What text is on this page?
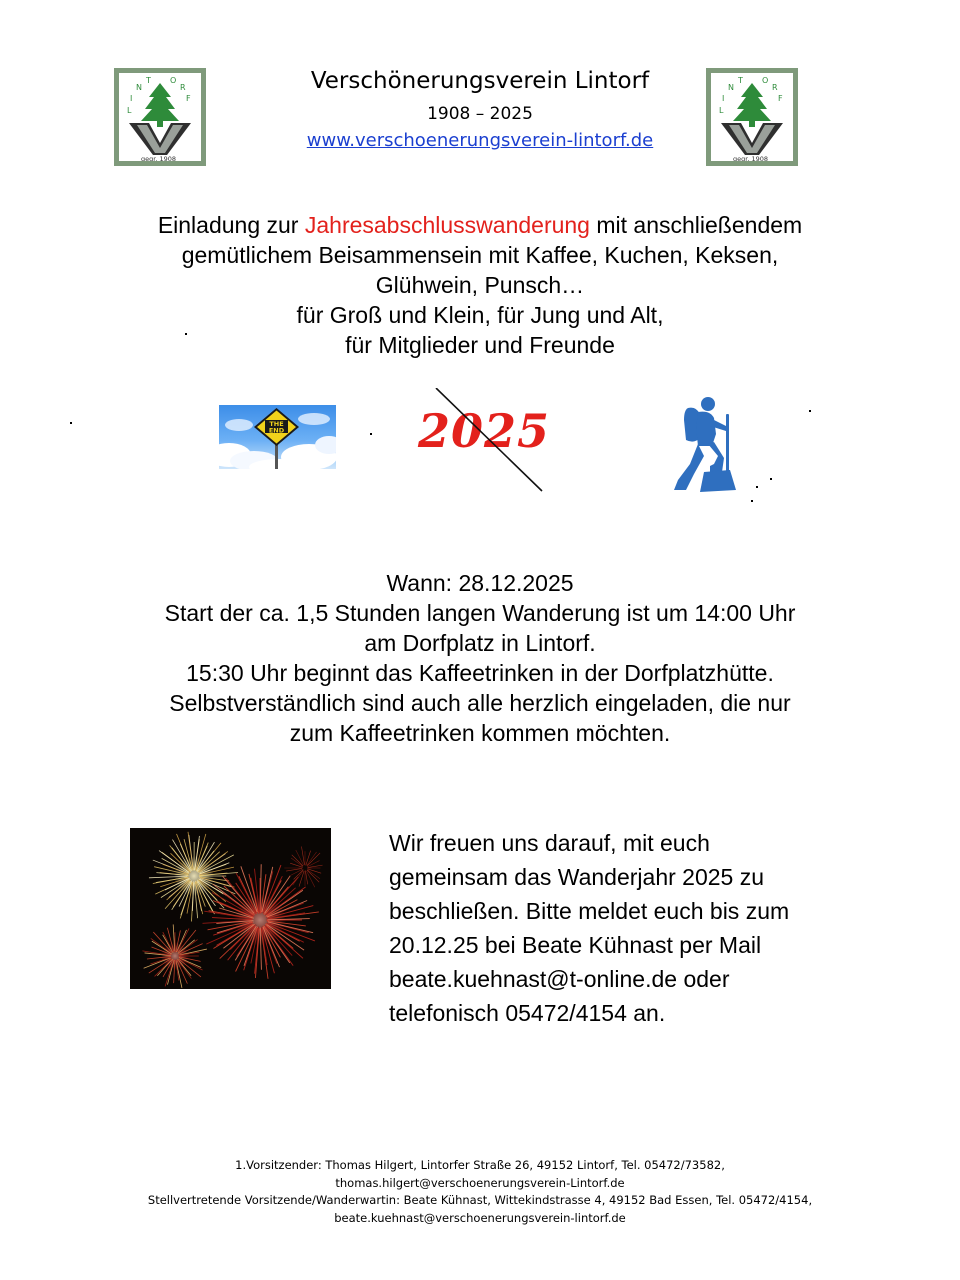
L
I
N
T O
R
F
gegr. 1908
L
I
N
T O
R
F
gegr. 1908
Verschönerungsverein Lintorf
1908 – 2025
www.verschoenerungsverein-lintorf.de
Einladung zur Jahresabschlusswanderung mit anschließendem
gemütlichem Beisammensein mit Kaffee, Kuchen, Keksen,
Glühwein, Punsch…
für Groß und Klein, für Jung und Alt,
für Mitglieder und Freunde
THE
END	2025
Wann: 28.12.2025
Start der ca. 1,5 Stunden langen Wanderung ist um 14:00 Uhr
am Dorfplatz in Lintorf.
15:30 Uhr beginnt das Kaffeetrinken in der Dorfplatzhütte.
Selbstverständlich sind auch alle herzlich eingeladen, die nur
zum Kaffeetrinken kommen möchten.
Wir freuen uns darauf, mit euch
gemeinsam das Wanderjahr 2025 zu
beschließen. Bitte meldet euch bis zum
20.12.25 bei Beate Kühnast per Mail
beate.kuehnast@t-online.de oder
telefonisch 05472/4154 an.
1.Vorsitzender: Thomas Hilgert, Lintorfer Straße 26, 49152 Lintorf, Tel. 05472/73582,
thomas.hilgert@verschoenerungsverein-Lintorf.de
Stellvertretende Vorsitzende/Wanderwartin: Beate Kühnast, Wittekindstrasse 4, 49152 Bad Essen, Tel. 05472/4154,
beate.kuehnast@verschoenerungsverein-lintorf.de
